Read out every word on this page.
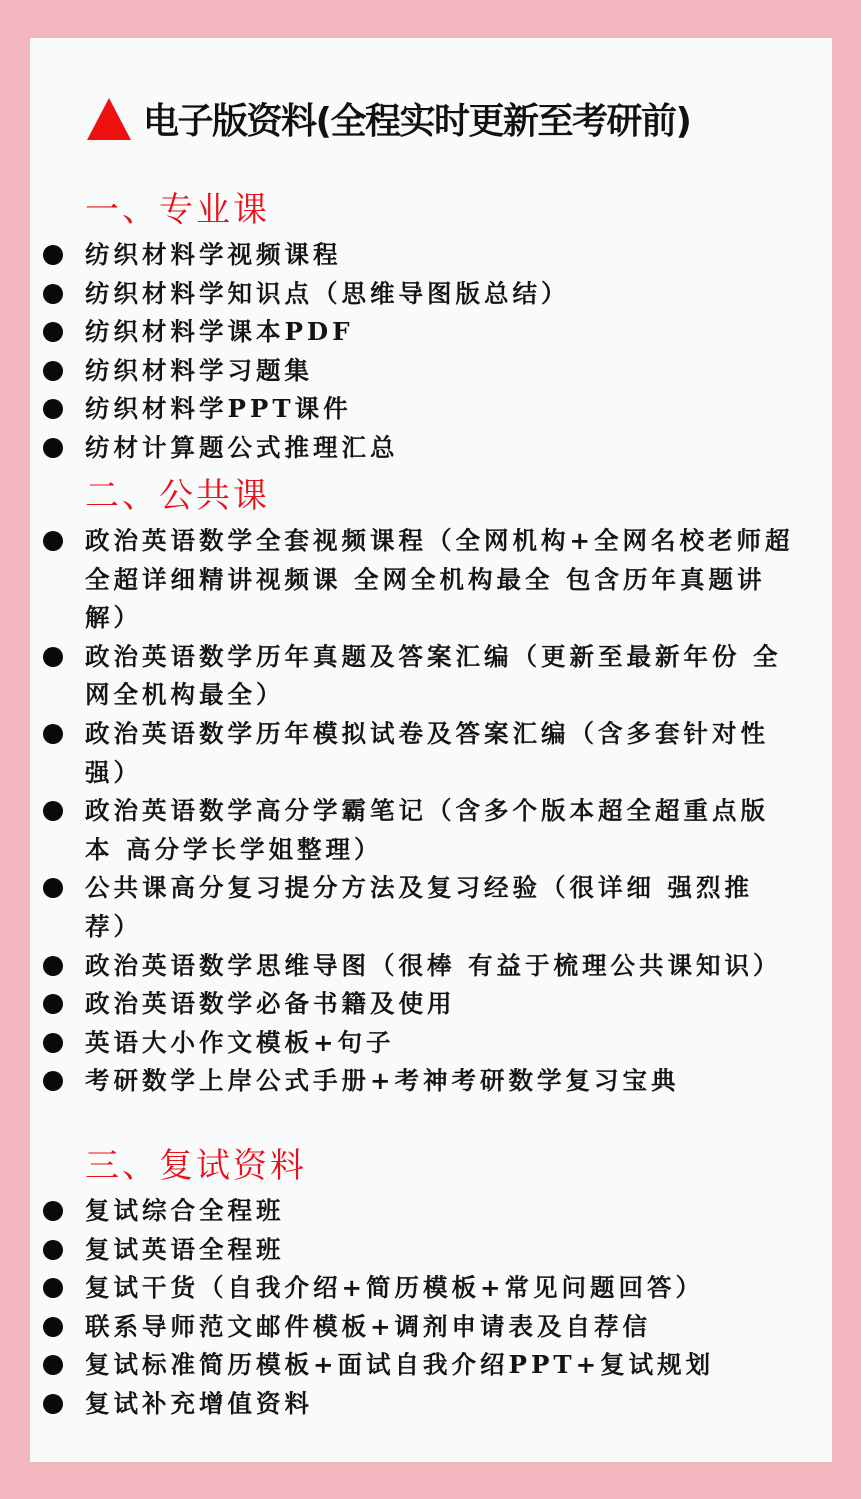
电子版资料(全程实时更新至考研前)
一、专业课
纺织材料学视频课程
纺织材料学知识点（思维导图版总结）
纺织材料学课本PDF
纺织材料学习题集
纺织材料学PPT课件
纺材计算题公式推理汇总
二、公共课
政治英语数学全套视频课程（全网机构+全网名校老师超全超详细精讲视频课 全网全机构最全 包含历年真题讲解）
政治英语数学历年真题及答案汇编（更新至最新年份 全网全机构最全）
政治英语数学历年模拟试卷及答案汇编（含多套针对性强）
政治英语数学高分学霸笔记（含多个版本超全超重点版本 高分学长学姐整理）
公共课高分复习提分方法及复习经验（很详细 强烈推荐）
政治英语数学思维导图（很棒 有益于梳理公共课知识）
政治英语数学必备书籍及使用
英语大小作文模板+句子
考研数学上岸公式手册+考神考研数学复习宝典
三、复试资料
复试综合全程班
复试英语全程班
复试干货（自我介绍+简历模板+常见问题回答）
联系导师范文邮件模板+调剂申请表及自荐信
复试标准简历模板+面试自我介绍PPT+复试规划
复试补充增值资料
